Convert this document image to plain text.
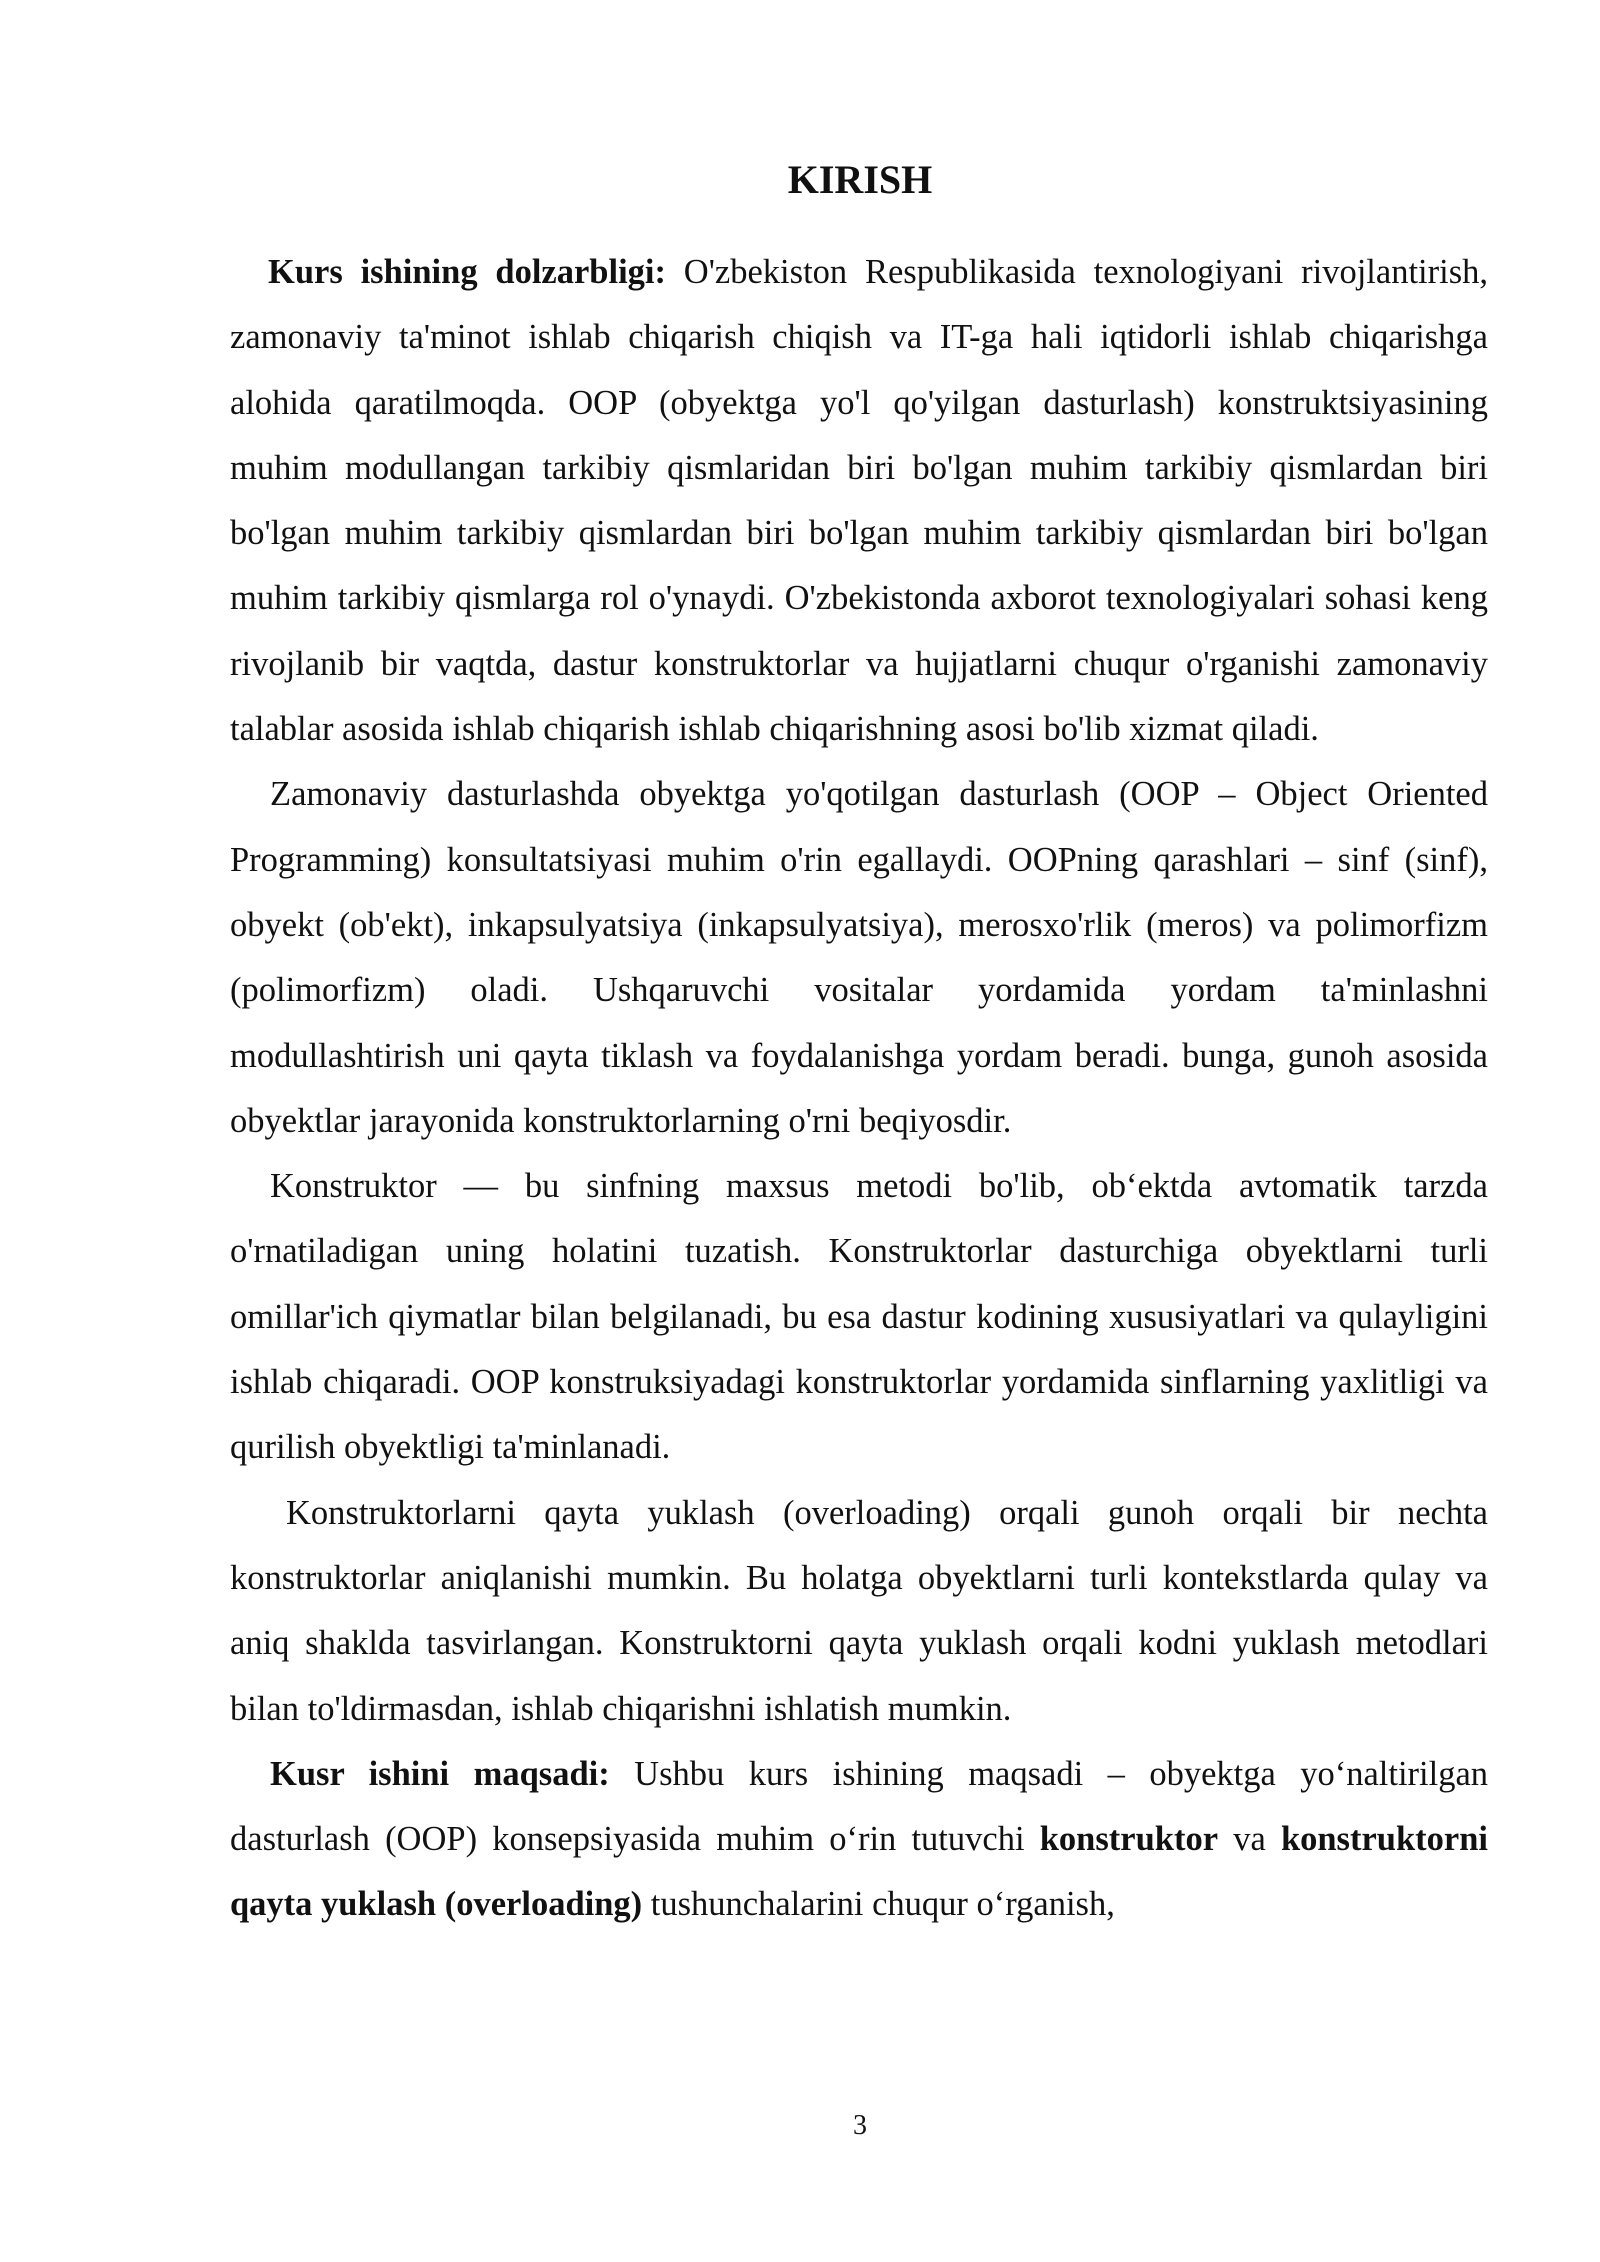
KIRISH

Kurs ishining dolzarbligi: O'zbekiston Respublikasida texnologiyani rivojlantirish, zamonaviy ta'minot ishlab chiqarish chiqish va IT-ga hali iqtidorli ishlab chiqarishga alohida qaratilmoqda. OOP (obyektga yo'l qo'yilgan dasturlash) konstruktsiyasining muhim modullangan tarkibiy qismlaridan biri bo'lgan muhim tarkibiy qismlardan biri bo'lgan muhim tarkibiy qismlardan biri bo'lgan muhim tarkibiy qismlardan biri bo'lgan muhim tarkibiy qismlarga rol o'ynaydi. O'zbekistonda axborot texnologiyalari sohasi keng rivojlanib bir vaqtda, dastur konstruktorlar va hujjatlarni chuqur o'rganishi zamonaviy talablar asosida ishlab chiqarish ishlab chiqarishning asosi bo'lib xizmat qiladi.

Zamonaviy dasturlashda obyektga yo'qotilgan dasturlash (OOP – Object Oriented Programming) konsultatsiyasi muhim o'rin egallaydi. OOPning qarashlari – sinf (sinf), obyekt (ob'ekt), inkapsulyatsiya (inkapsulyatsiya), merosxo'rlik (meros) va polimorfizm (polimorfizm) oladi. Ushqaruvchi vositalar yordamida yordam ta'minlashni modullashtirish uni qayta tiklash va foydalanishga yordam beradi. bunga, gunoh asosida obyektlar jarayonida konstruktorlarning o'rni beqiyosdir.

Konstruktor — bu sinfning maxsus metodi bo'lib, ob‘ektda avtomatik tarzda o'rnatiladigan uning holatini tuzatish. Konstruktorlar dasturchiga obyektlarni turli omillar'ich qiymatlar bilan belgilanadi, bu esa dastur kodining xususiyatlari va qulayligini ishlab chiqaradi. OOP konstruksiyadagi konstruktorlar yordamida sinflarning yaxlitligi va qurilish obyektligi ta'minlanadi.

Konstruktorlarni qayta yuklash (overloading) orqali gunoh orqali bir nechta konstruktorlar aniqlanishi mumkin. Bu holatga obyektlarni turli kontekstlarda qulay va aniq shaklda tasvirlangan. Konstruktorni qayta yuklash orqali kodni yuklash metodlari bilan to'ldirmasdan, ishlab chiqarishni ishlatish mumkin.

Kusr ishini maqsadi: Ushbu kurs ishining maqsadi – obyektga yo‘naltirilgan dasturlash (OOP) konsepsiyasida muhim o‘rin tutuvchi konstruktor va konstruktorni qayta yuklash (overloading) tushunchalarini chuqur o‘rganish,

3
